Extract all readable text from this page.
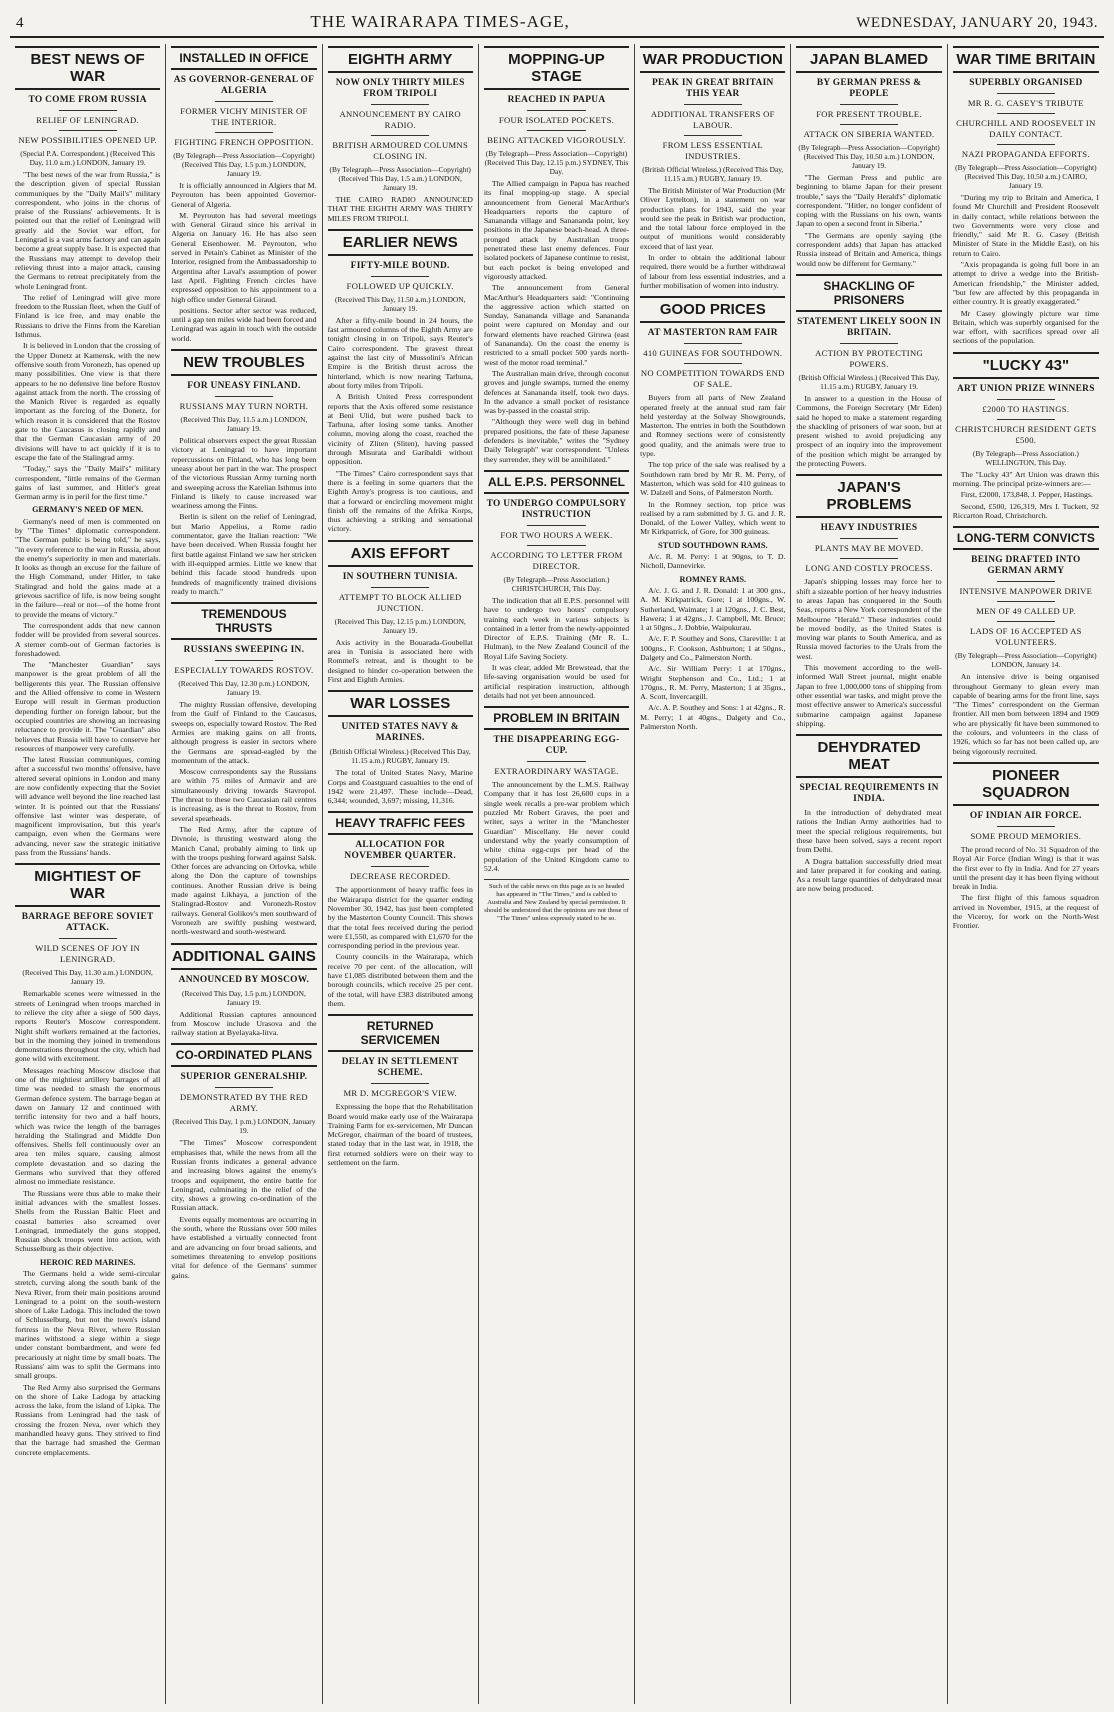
4	THE WAIRARAPA TIMES-AGE,	WEDNESDAY, JANUARY 20, 1943.
BEST NEWS OF WAR
TO COME FROM RUSSIA
RELIEF OF LENINGRAD.
NEW POSSIBILITIES OPENED UP.
(Special P.A. Correspondent.) (Received This Day, 11.0 a.m.) LONDON, January 19.

"The best news of the war from Russia," is the description given of special Russian communiques by the "Daily Mail's" military correspondent, who joins in the chorus of praise of the Russians' achievements. It is pointed out that the relief of Leningrad will greatly aid the Soviet war effort, for Leningrad is a vast arms factory and can again become a great supply base. It is expected that the Russians may attempt to develop their relieving thrust into a major attack, causing the Germans to retreat precipitately from the whole Leningrad front.

The relief of Leningrad will give more freedom to the Russian fleet, when the Gulf of Finland is ice free, and may enable the Russians to drive the Finns from the Karelian Isthmus.

It is believed in London that the crossing of the Upper Donetz at Kamensk, with the new offensive south from Voronezh, has opened up many possibilities. One view is that there appears to be no defensive line before Rostov against attack from the north. The crossing of the Manich River is regarded as equally important as the forcing of the Donetz, for which reason it is considered that the Rostov gate to the Caucasus is closing rapidly and that the German Caucasian army of 20 divisions will have to act quickly if it is to escape the fate of the Stalingrad army.

"Today," says the "Daily Mail's" military correspondent, "little remains of the German gains of last summer, and Hitler's great German army is in peril for the first time."

GERMANY'S NEED OF MEN.

Germany's need of men is commented on by "The Times" diplomatic correspondent. "The German public is being told," he says, "in every reference to the war in Russia, about the enemy's superiority in men and materials. It looks as though an excuse for the failure of the High Command, under Hitler, to take Stalingrad and hold the gains made at a grievous sacrifice of life, is now being sought in the failure—real or not—of the home front to provide the means of victory."

The correspondent adds that new cannon fodder will be provided from several sources. A sterner comb-out of German factories is foreshadowed.

The "Manchester Guardian" says manpower is the great problem of all the belligerents this year. The Russian offensive and the Allied offensive to come in Western Europe will result in German production depending further on foreign labour, but the occupied countries are showing an increasing reluctance to provide it. The "Guardian" also believes that Russia will have to conserve her resources of manpower very carefully.

The latest Russian communiques, coming after a successful two months' offensive, have altered several opinions in London and many are now confidently expecting that the Soviet will advance well beyond the line reached last winter. It is pointed out that the Russians' offensive last winter was desperate, of magnificent improvisation, but this year's campaign, even when the Germans were advancing, never saw the strategic initiative pass from the Russians' hands.

MIGHTIEST OF WAR
BARRAGE BEFORE SOVIET ATTACK.
WILD SCENES OF JOY IN LENINGRAD.
(Received This Day, 11.30 a.m.) LONDON, January 19.

Remarkable scenes were witnessed in the streets of Leningrad when troops marched in to relieve the city after a siege of 500 days, reports Reuter's Moscow correspondent. Night shift workers remained at the factories, but in the morning they joined in tremendous demonstrations throughout the city, which had gone wild with excitement.

Messages reaching Moscow disclose that one of the mightiest artillery barrages of all time was needed to smash the enormous German defence system. The barrage began at dawn on January 12 and continued with terrific intensity for two and a half hours, which was twice the length of the barrages heralding the Stalingrad and Middle Don offensives. Shells fell continuously over an area ten miles square, causing almost complete devastation and so dazing the Germans who survived that they offered almost no immediate resistance.

The Russians were thus able to make their initial advances with the smallest losses. Shells from the Russian Baltic Fleet and coastal batteries also screamed over Leningrad, immediately the guns stopped, Russian shock troops went into action, with Schusselburg as their objective.

HEROIC RED MARINES.

The Germans held a wide semi-circular stretch, curving along the south bank of the Neva River, from their main positions around Leningrad to a point on the south-western shore of Lake Ladoga. This included the town of Schlusselburg, but not the town's island fortress in the Neva River, where Russian marines withstood a siege within a siege under constant bombardment, and were fed precariously at night time by small boats. The Russians' aim was to split the Germans into small groups.

The Red Army also surprised the Germans on the shore of Lake Ladoga by attacking across the lake, from the island of Lipka. The Russians from Leningrad had the task of crossing the frozen Neva, over which they manhandled heavy guns. They strived to find that the barrage had smashed the German concrete emplacements.

INSTALLED IN OFFICE
AS GOVERNOR-GENERAL OF ALGERIA
FORMER VICHY MINISTER OF THE INTERIOR.
FIGHTING FRENCH OPPOSITION.
(By Telegraph—Press Association—Copyright) (Received This Day, 1.5 p.m.) LONDON, January 19.

It is officially announced in Algiers that M. Peyrouton has been appointed Governor-General of Algeria.

M. Peyrouton has had several meetings with General Giraud since his arrival in Algeria on January 16. He has also seen General Eisenhower. M. Peyrouton, who served in Petain's Cabinet as Minister of the Interior, resigned from the Ambassadorship to Argentina after Laval's assumption of power last April. Fighting French circles have expressed opposition to his appointment to a high office under General Giraud.

positions. Sector after sector was reduced, until a gap ten miles wide had been forced and Leningrad was again in touch with the outside world.

NEW TROUBLES
FOR UNEASY FINLAND.
RUSSIANS MAY TURN NORTH.
(Received This Day, 11.5 a.m.) LONDON, January 19.

Political observers expect the great Russian victory at Leningrad to have important repercussions on Finland, who has long been uneasy about her part in the war. The prospect of the victorious Russian Army turning north and sweeping across the Karelian Isthmus into Finland is likely to cause increased war weariness among the Finns.

Berlin is silent on the relief of Leningrad, but Mario Appelius, a Rome radio commentator, gave the Italian reaction: "We have been deceived. When Russia fought her first battle against Finland we saw her stricken with ill-equipped armies. Little we knew that behind this facade stood hundreds upon hundreds of magnificently trained divisions ready to march."

TREMENDOUS THRUSTS
RUSSIANS SWEEPING IN.
ESPECIALLY TOWARDS ROSTOV.
(Received This Day, 12.30 p.m.) LONDON, January 19.

The mighty Russian offensive, developing from the Gulf of Finland to the Caucasus, sweeps on, especially toward Rostov. The Red Armies are making gains on all fronts, although progress is easier in sectors where the Germans are spread-eagled by the momentum of the attack.

Moscow correspondents say the Russians are within 75 miles of Armavir and are simultaneously driving towards Stavropol. The threat to these two Caucasian rail centres is increasing, as is the threat to Rostov, from several spearheads.

The Red Army, after the capture of Divnoie, is thrusting westward along the Manich Canal, probably aiming to link up with the troops pushing forward against Salsk. Other forces are advancing on Orlovka, while along the Don the capture of townships continues. Another Russian drive is being made against Likhaya, a junction of the Stalingrad-Rostov and Voronezh-Rostov railways. General Golikov's men southward of Voronezh are swiftly pushing westward, north-westward and south-westward.

ADDITIONAL GAINS
ANNOUNCED BY MOSCOW.
(Received This Day, 1.5 p.m.) LONDON, January 19.

Additional Russian captures announced from Moscow include Urasova and the railway station at Byelayaka-litva.

CO-ORDINATED PLANS
SUPERIOR GENERALSHIP.
DEMONSTRATED BY THE RED ARMY.
(Received This Day, 1 p.m.) LONDON, January 19.

"The Times" Moscow correspondent emphasises that, while the news from all the Russian fronts indicates a general advance and increasing blows against the enemy's troops and equipment, the entire battle for Leningrad, culminating in the relief of the city, shows a growing co-ordination of the Russian attack.

Events equally momentous are occurring in the south, where the Russians over 500 miles have established a virtually connected front and are advancing on four broad salients, and sometimes threatening to envelop positions vital for defence of the Germans' summer gains.

EIGHTH ARMY
NOW ONLY THIRTY MILES FROM TRIPOLI
ANNOUNCEMENT BY CAIRO RADIO.
BRITISH ARMOURED COLUMNS CLOSING IN.
(By Telegraph—Press Association—Copyright) (Received This Day, 1.5 a.m.) LONDON, January 19.

THE CAIRO RADIO ANNOUNCED THAT THE EIGHTH ARMY WAS THIRTY MILES FROM TRIPOLI.

EARLIER NEWS
FIFTY-MILE BOUND.
FOLLOWED UP QUICKLY.
(Received This Day, 11.50 a.m.) LONDON, January 19.

After a fifty-mile bound in 24 hours, the fast armoured columns of the Eighth Army are tonight closing in on Tripoli, says Reuter's Cairo correspondent. The gravest threat against the last city of Mussolini's African Empire is the British thrust across the hinterland, which is now nearing Tarhuna, about forty miles from Tripoli.

A British United Press correspondent reports that the Axis offered some resistance at Beni Ulid, but were pushed back to Tarhuna, after losing some tanks. Another column, moving along the coast, reached the vicinity of Zliten (Sliten), having passed through Misurata and Garibaldi without opposition.

"The Times" Cairo correspondent says that there is a feeling in some quarters that the Eighth Army's progress is too cautious, and that a forward or encircling movement might finish off the remains of the Afrika Korps, thus achieving a striking and sensational victory.

AXIS EFFORT
IN SOUTHERN TUNISIA.
ATTEMPT TO BLOCK ALLIED JUNCTION.
(Received This Day, 12.15 p.m.) LONDON, January 19.

Axis activity in the Bouarada-Goubellat area in Tunisia is associated here with Rommel's retreat, and is thought to be designed to hinder co-operation between the First and Eighth Armies.

WAR LOSSES
UNITED STATES NAVY & MARINES.
(British Official Wireless.) (Received This Day, 11.15 a.m.) RUGBY, January 19.

The total of United States Navy, Marine Corps and Coastguard casualties to the end of 1942 were 21,497. These include—Dead, 6,344; wounded, 3,697; missing, 11,316.

HEAVY TRAFFIC FEES
ALLOCATION FOR NOVEMBER QUARTER.
DECREASE RECORDED.

The apportionment of heavy traffic fees in the Wairarapa district for the quarter ending November 30, 1942, has just been completed by the Masterton County Council. This shows that the total fees received during the period were £1,550, as compared with £1,670 for the corresponding period in the previous year.

County councils in the Wairarapa, which receive 70 per cent. of the allocation, will have £1,085 distributed between them and the borough councils, which receive 25 per cent. of the total, will have £383 distributed among them.

RETURNED SERVICEMEN
DELAY IN SETTLEMENT SCHEME.
MR D. MCGREGOR'S VIEW.

Expressing the hope that the Rehabilitation Board would make early use of the Wairarapa Training Farm for ex-servicemen, Mr Duncan McGregor, chairman of the board of trustees, stated today that in the last war, in 1918, the first returned soldiers were on their way to settlement on the farm.

MOPPING-UP STAGE
REACHED IN PAPUA
FOUR ISOLATED POCKETS.
BEING ATTACKED VIGOROUSLY.
(By Telegraph—Press Association—Copyright) (Received This Day, 12.15 p.m.) SYDNEY, This Day.

The Allied campaign in Papua has reached its final mopping-up stage. A special announcement from General MacArthur's Headquarters reports the capture of Sanananda village and Sanananda point, key positions in the Japanese beach-head. A three-pronged attack by Australian troops penetrated these last enemy defences. Four isolated pockets of Japanese continue to resist, but each pocket is being enveloped and vigorously attacked.

The announcement from General MacArthur's Headquarters said: "Continuing the aggressive action which started on Sunday, Sanananda village and Sanananda point were captured on Monday and our forward elements have reached Giruwa (east of Sanananda). On the coast the enemy is restricted to a small pocket 500 yards north-west of the motor road terminal."

The Australian main drive, through coconut groves and jungle swamps, turned the enemy defences at Sanananda itself, took two days. In the advance a small pocket of resistance was by-passed in the coastal strip.

"Although they were well dug in behind prepared positions, the fate of these Japanese defenders is inevitable," writes the "Sydney Daily Telegraph" war correspondent. "Unless they surrender, they will be annihilated."

ALL E.P.S. PERSONNEL
TO UNDERGO COMPULSORY INSTRUCTION
FOR TWO HOURS A WEEK.
ACCORDING TO LETTER FROM DIRECTOR.
(By Telegraph—Press Association.) CHRISTCHURCH, This Day.

The indication that all E.P.S. personnel will have to undergo two hours' compulsory training each week in various subjects is contained in a letter from the newly-appointed Director of E.P.S. Training (Mr R. L. Hulman), to the New Zealand Council of the Royal Life Saving Society.

It was clear, added Mr Brewstead, that the life-saving organisation would be used for artificial respiration instruction, although details had not yet been announced.

PROBLEM IN BRITAIN
THE DISAPPEARING EGG-CUP.
EXTRAORDINARY WASTAGE.

The announcement by the L.M.S. Railway Company that it has lost 26,600 cups in a single week recalls a pre-war problem which puzzled Mr Robert Graves, the poet and writer, says a writer in the "Manchester Guardian" Miscellany. He never could understand why the yearly consumption of white china egg-cups per head of the population of the United Kingdom came to 52.4.

Such of the cable news on this page as is so headed has appeared in "The Times," and is cabled to Australia and New Zealand by special permission. It should be understood that the opinions are not those of "The Times" unless expressly stated to be so.
WAR PRODUCTION
PEAK IN GREAT BRITAIN THIS YEAR
ADDITIONAL TRANSFERS OF LABOUR.
FROM LESS ESSENTIAL INDUSTRIES.
(British Official Wireless.) (Received This Day, 11.15 a.m.) RUGBY, January 19.

The British Minister of War Production (Mr Oliver Lyttelton), in a statement on war production plans for 1943, said the year would see the peak in British war production, and the total labour force employed in the output of munitions would considerably exceed that of last year.

In order to obtain the additional labour required, there would be a further withdrawal of labour from less essential industries, and a further mobilisation of women into industry.

GOOD PRICES
AT MASTERTON RAM FAIR
410 GUINEAS FOR SOUTHDOWN.
NO COMPETITION TOWARDS END OF SALE.

Buyers from all parts of New Zealand operated freely at the annual stud ram fair held yesterday at the Solway Showgrounds, Masterton. The entries in both the Southdown and Romney sections were of consistently good quality, and the animals were true to type.

The top price of the sale was realised by a Southdown ram bred by Mr R. M. Perry, of Masterton, which was sold for 410 guineas to W. Dalzell and Sons, of Palmerston North.

In the Romney section, top price was realised by a ram submitted by J. G. and J. R. Donald, of the Lower Valley, which went to Mr Kirkpatrick, of Gore, for 300 guineas.

STUD SOUTHDOWN RAMS.

A/c. R. M. Perry: 1 at 90gns, to T. D. Nicholl, Dannevirke.

ROMNEY RAMS.

A/c. J. G. and J. R. Donald: 1 at 300 gns., A. M. Kirkpatrick, Gore; 1 at 100gns., W. Sutherland, Waimate; 1 at 120gns., J. C. Best, Hawera; 1 at 42gns., J. Campbell, Mt. Bruce; 1 at 50gns., J. Dobbie, Waipukurau.

A/c. F. P. Southey and Sons, Clareville: 1 at 100gns., F. Cookson, Ashburton; 1 at 50gns., Dalgety and Co., Palmerston North.

A/c. Sir William Perry: 1 at 170gns., Wright Stephenson and Co., Ltd.; 1 at 170gns., R. M. Perry, Masterton; 1 at 35gns., A. Scott, Invercargill.

A/c. A. P. Southey and Sons: 1 at 42gns., R. M. Perry; 1 at 40gns., Dalgety and Co., Palmerston North.

JAPAN BLAMED
BY GERMAN PRESS & PEOPLE
FOR PRESENT TROUBLE.
ATTACK ON SIBERIA WANTED.
(By Telegraph—Press Association—Copyright) (Received This Day, 10.50 a.m.) LONDON, January 19.

"The German Press and public are beginning to blame Japan for their present trouble," says the "Daily Herald's" diplomatic correspondent. "Hitler, no longer confident of coping with the Russians on his own, wants Japan to open a second front in Siberia."

"The Germans are openly saying (the correspondent adds) that Japan has attacked Russia instead of Britain and America, things would now be different for Germany."

SHACKLING OF PRISONERS
STATEMENT LIKELY SOON IN BRITAIN.
ACTION BY PROTECTING POWERS.
(British Official Wireless.) (Received This Day, 11.15 a.m.) RUGBY, January 19.

In answer to a question in the House of Commons, the Foreign Secretary (Mr Eden) said he hoped to make a statement regarding the shackling of prisoners of war soon, but at present wished to avoid prejudicing any prospect of an inquiry into the improvement of the position which might be arranged by the protecting Powers.

JAPAN'S PROBLEMS
HEAVY INDUSTRIES
PLANTS MAY BE MOVED.
LONG AND COSTLY PROCESS.

Japan's shipping losses may force her to shift a sizeable portion of her heavy industries to areas Japan has conquered in the South Seas, reports a New York correspondent of the Melbourne "Herald." These industries could be moved bodily, as the United States is moving war plants to South America, and as Russia moved factories to the Urals from the west.

This movement according to the well-informed Wall Street journal, might enable Japan to free 1,000,000 tons of shipping from other essential war tasks, and might prove the most effective answer to America's successful submarine campaign against Japanese shipping.

DEHYDRATED MEAT
SPECIAL REQUIREMENTS IN INDIA.

In the introduction of dehydrated meat rations the Indian Army authorities had to meet the special religious requirements, but these have been solved, says a recent report from Delhi.

A Dogra battalion successfully dried meat and later prepared it for cooking and eating. As a result large quantities of dehydrated meat are now being produced.

WAR TIME BRITAIN
SUPERBLY ORGANISED
MR R. G. CASEY'S TRIBUTE
CHURCHILL AND ROOSEVELT IN DAILY CONTACT.
NAZI PROPAGANDA EFFORTS.
(By Telegraph—Press Association—Copyright) (Received This Day, 10.50 a.m.) CAIRO, January 19.

"During my trip to Britain and America, I found Mr Churchill and President Roosevelt in daily contact, while relations between the two Governments were very close and friendly," said Mr R. G. Casey (British Minister of State in the Middle East), on his return to Cairo.

"Axis propaganda is going full bore in an attempt to drive a wedge into the British-American friendship," the Minister added, "but few are affected by this propaganda in either country. It is greatly exaggerated."

Mr Casey glowingly picture war time Britain, which was superbly organised for the war effort, with sacrifices spread over all sections of the population.

"LUCKY 43"
ART UNION PRIZE WINNERS
£2000 TO HASTINGS.
CHRISTCHURCH RESIDENT GETS £500.
(By Telegraph—Press Association.) WELLINGTON, This Day.

The "Lucky 43" Art Union was drawn this morning. The principal prize-winners are:—

First, £2000, 173,848, J. Pepper, Hastings.

Second, £500, 126,319, Mrs I. Tuckett, 92 Riccarton Road, Christchurch.

LONG-TERM CONVICTS
BEING DRAFTED INTO GERMAN ARMY
INTENSIVE MANPOWER DRIVE
MEN OF 49 CALLED UP.
LADS OF 16 ACCEPTED AS VOLUNTEERS.
(By Telegraph—Press Association—Copyright) LONDON, January 14.

An intensive drive is being organised throughout Germany to glean every man capable of bearing arms for the front line, says "The Times" correspondent on the German frontier. All men born between 1894 and 1909 who are physically fit have been summoned to the colours, and volunteers in the class of 1926, which so far has not been called up, are being vigorously recruited.

PIONEER SQUADRON
OF INDIAN AIR FORCE.
SOME PROUD MEMORIES.

The proud record of No. 31 Squadron of the Royal Air Force (Indian Wing) is that it was the first ever to fly in India. And for 27 years until the present day it has been flying without break in India.

The first flight of this famous squadron arrived in November, 1915, at the request of the Viceroy, for work on the North-West Frontier.
